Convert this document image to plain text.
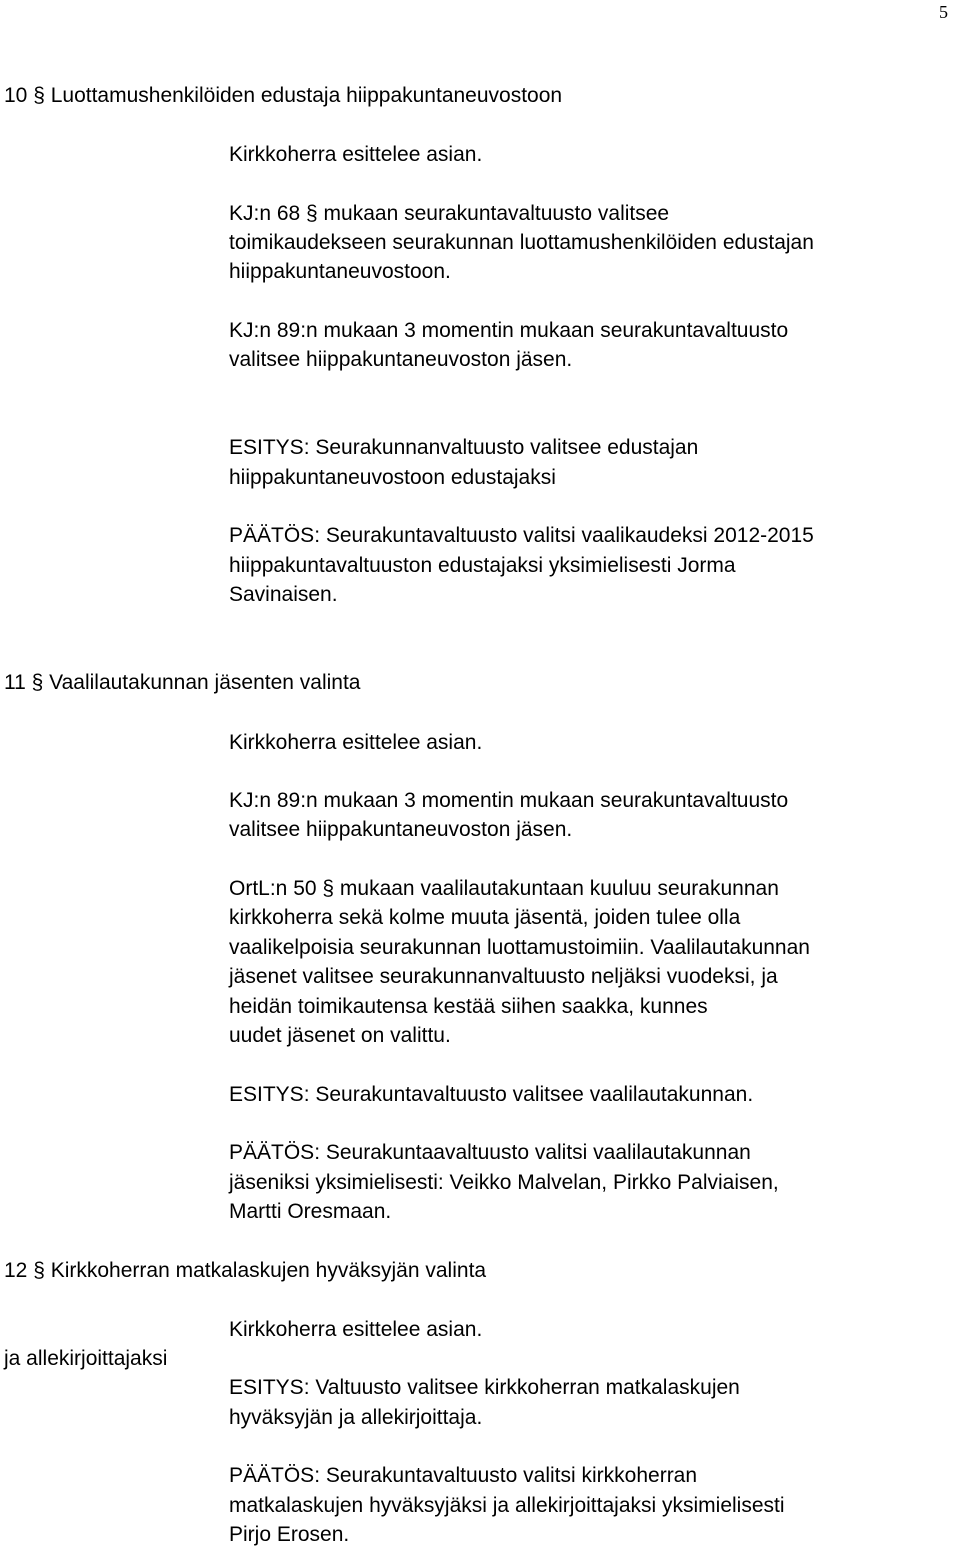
5
10 § Luottamushenkilöiden edustaja hiippakuntaneuvostoon
Kirkkoherra esittelee asian.
KJ:n 68 § mukaan seurakuntavaltuusto valitsee
toimikaudekseen seurakunnan luottamushenkilöiden edustajan
hiippakuntaneuvostoon.
KJ:n 89:n mukaan 3 momentin mukaan seurakuntavaltuusto
valitsee hiippakuntaneuvoston jäsen.
ESITYS: Seurakunnanvaltuusto valitsee edustajan
hiippakuntaneuvostoon edustajaksi
PÄÄTÖS: Seurakuntavaltuusto valitsi vaalikaudeksi 2012-2015
hiippakuntavaltuuston edustajaksi yksimielisesti Jorma
Savinaisen.
11 § Vaalilautakunnan jäsenten valinta
Kirkkoherra esittelee asian.
KJ:n 89:n mukaan 3 momentin mukaan seurakuntavaltuusto
valitsee hiippakuntaneuvoston jäsen.
OrtL:n 50 § mukaan vaalilautakuntaan kuuluu seurakunnan
kirkkoherra sekä kolme muuta jäsentä, joiden tulee olla
vaalikelpoisia seurakunnan luottamustoimiin. Vaalilautakunnan
jäsenet valitsee seurakunnanvaltuusto neljäksi vuodeksi, ja
heidän toimikautensa kestää siihen saakka, kunnes
uudet jäsenet on valittu.
ESITYS: Seurakuntavaltuusto valitsee vaalilautakunnan.
PÄÄTÖS: Seurakuntaavaltuusto valitsi vaalilautakunnan
jäseniksi yksimielisesti: Veikko Malvelan, Pirkko Palviaisen,
Martti Oresmaan.
12 § Kirkkoherran matkalaskujen hyväksyjän valinta
ja allekirjoittajaksi
Kirkkoherra esittelee asian.
ESITYS: Valtuusto valitsee kirkkoherran matkalaskujen
hyväksyjän ja allekirjoittaja.
PÄÄTÖS: Seurakuntavaltuusto valitsi kirkkoherran
matkalaskujen hyväksyjäksi ja allekirjoittajaksi yksimielisesti
Pirjo Erosen.
